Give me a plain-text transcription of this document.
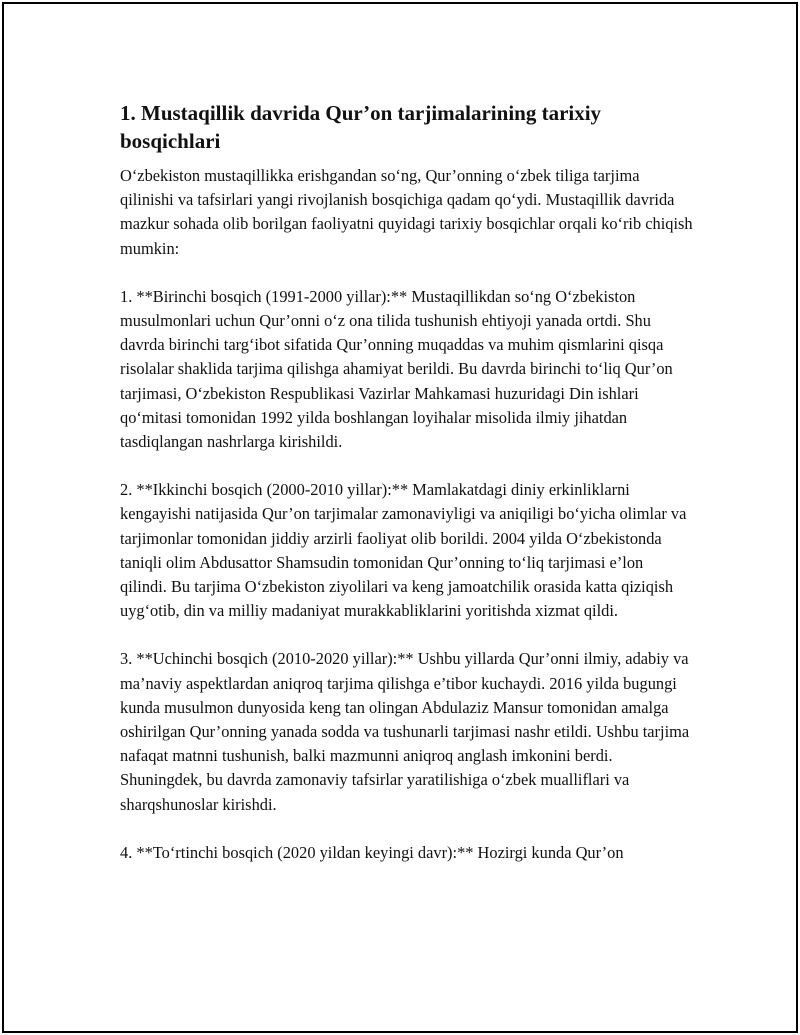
1. Mustaqillik davrida Qur’on tarjimalarining tarixiy bosqichlari

O‘zbekiston mustaqillikka erishgandan so‘ng, Qur’onning o‘zbek tiliga tarjima qilinishi va tafsirlari yangi rivojlanish bosqichiga qadam qo‘ydi. Mustaqillik davrida mazkur sohada olib borilgan faoliyatni quyidagi tarixiy bosqichlar orqali ko‘rib chiqish mumkin:

1. **Birinchi bosqich (1991-2000 yillar):** Mustaqillikdan so‘ng O‘zbekiston musulmonlari uchun Qur’onni o‘z ona tilida tushunish ehtiyoji yanada ortdi. Shu davrda birinchi targ‘ibot sifatida Qur’onning muqaddas va muhim qismlarini qisqa risolalar shaklida tarjima qilishga ahamiyat berildi. Bu davrda birinchi to‘liq Qur’on tarjimasi, O‘zbekiston Respublikasi Vazirlar Mahkamasi huzuridagi Din ishlari qo‘mitasi tomonidan 1992 yilda boshlangan loyihalar misolida ilmiy jihatdan tasdiqlangan nashrlarga kirishildi.

2. **Ikkinchi bosqich (2000-2010 yillar):** Mamlakatdagi diniy erkinliklarni kengayishi natijasida Qur’on tarjimalar zamonaviyligi va aniqiligi bo‘yicha olimlar va tarjimonlar tomonidan jiddiy arzirli faoliyat olib borildi. 2004 yilda O‘zbekistonda taniqli olim Abdusattor Shamsudin tomonidan Qur’onning to‘liq tarjimasi e’lon qilindi. Bu tarjima O‘zbekiston ziyolilari va keng jamoatchilik orasida katta qiziqish uyg‘otib, din va milliy madaniyat murakkabliklarini yoritishda xizmat qildi.

3. **Uchinchi bosqich (2010-2020 yillar):** Ushbu yillarda Qur’onni ilmiy, adabiy va ma’naviy aspektlardan aniqroq tarjima qilishga e’tibor kuchaydi. 2016 yilda bugungi kunda musulmon dunyosida keng tan olingan Abdulaziz Mansur tomonidan amalga oshirilgan Qur’onning yanada sodda va tushunarli tarjimasi nashr etildi. Ushbu tarjima nafaqat matnni tushunish, balki mazmunni aniqroq anglash imkonini berdi. Shuningdek, bu davrda zamonaviy tafsirlar yaratilishiga o‘zbek mualliflari va sharqshunoslar kirishdi.

4. **To‘rtinchi bosqich (2020 yildan keyingi davr):** Hozirgi kunda Qur’on
